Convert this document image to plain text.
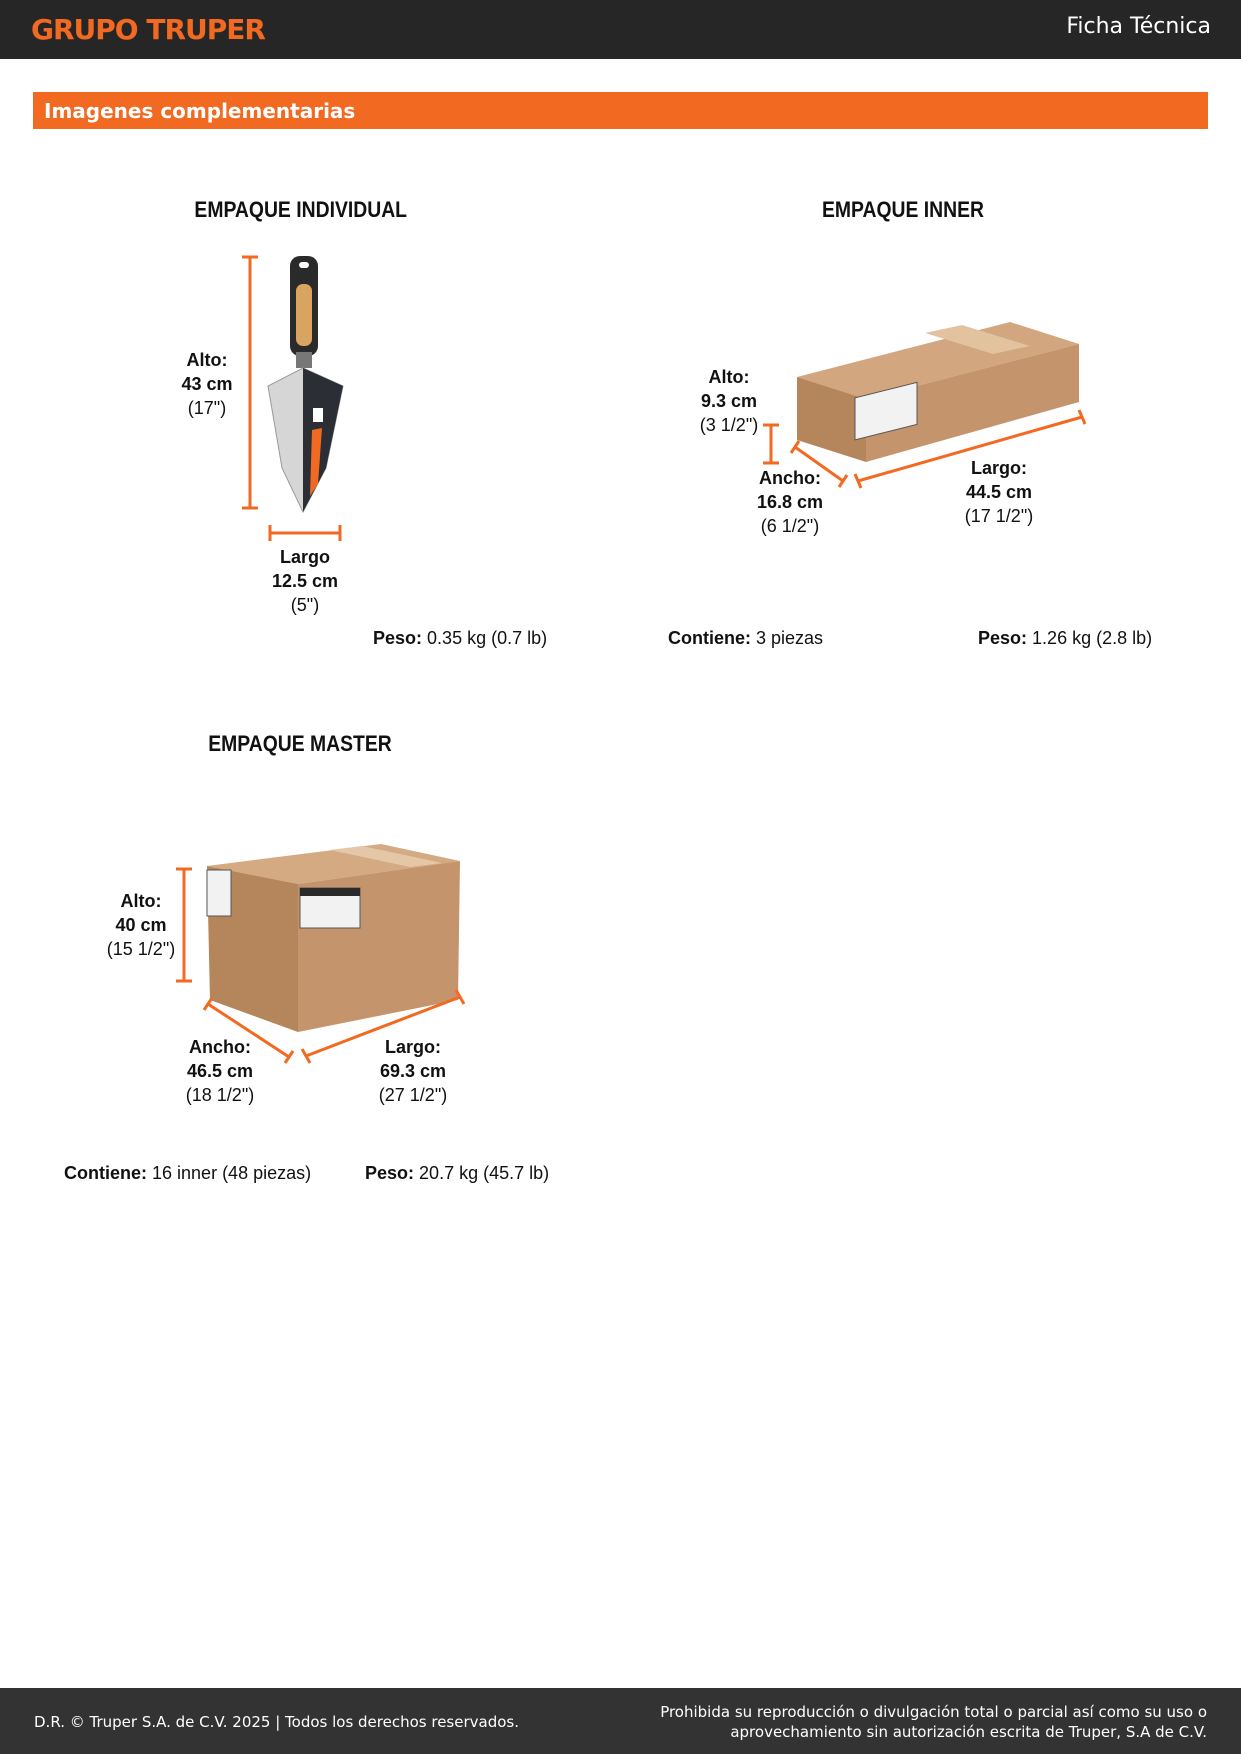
GRUPO TRUPER	Ficha Técnica
Imagenes complementarias
EMPAQUE INDIVIDUAL
Alto:
43 cm
(17")
Largo
12.5 cm
(5")
Peso: 0.35 kg (0.7 lb)
EMPAQUE INNER
Alto:
9.3 cm
(3 1/2")
Ancho:
16.8 cm
(6 1/2")
Largo:
44.5 cm
(17 1/2")
Contiene: 3 piezas	Peso: 1.26 kg (2.8 lb)
EMPAQUE MASTER
Alto:
40 cm
(15 1/2")
Ancho:
46.5 cm
(18 1/2")
Largo:
69.3 cm
(27 1/2")
Contiene: 16 inner (48 piezas)	Peso: 20.7 kg (45.7 lb)
D.R. © Truper S.A. de C.V. 2025 | Todos los derechos reservados.
Prohibida su reproducción o divulgación total o parcial así como su uso o
aprovechamiento sin autorización escrita de Truper, S.A de C.V.
